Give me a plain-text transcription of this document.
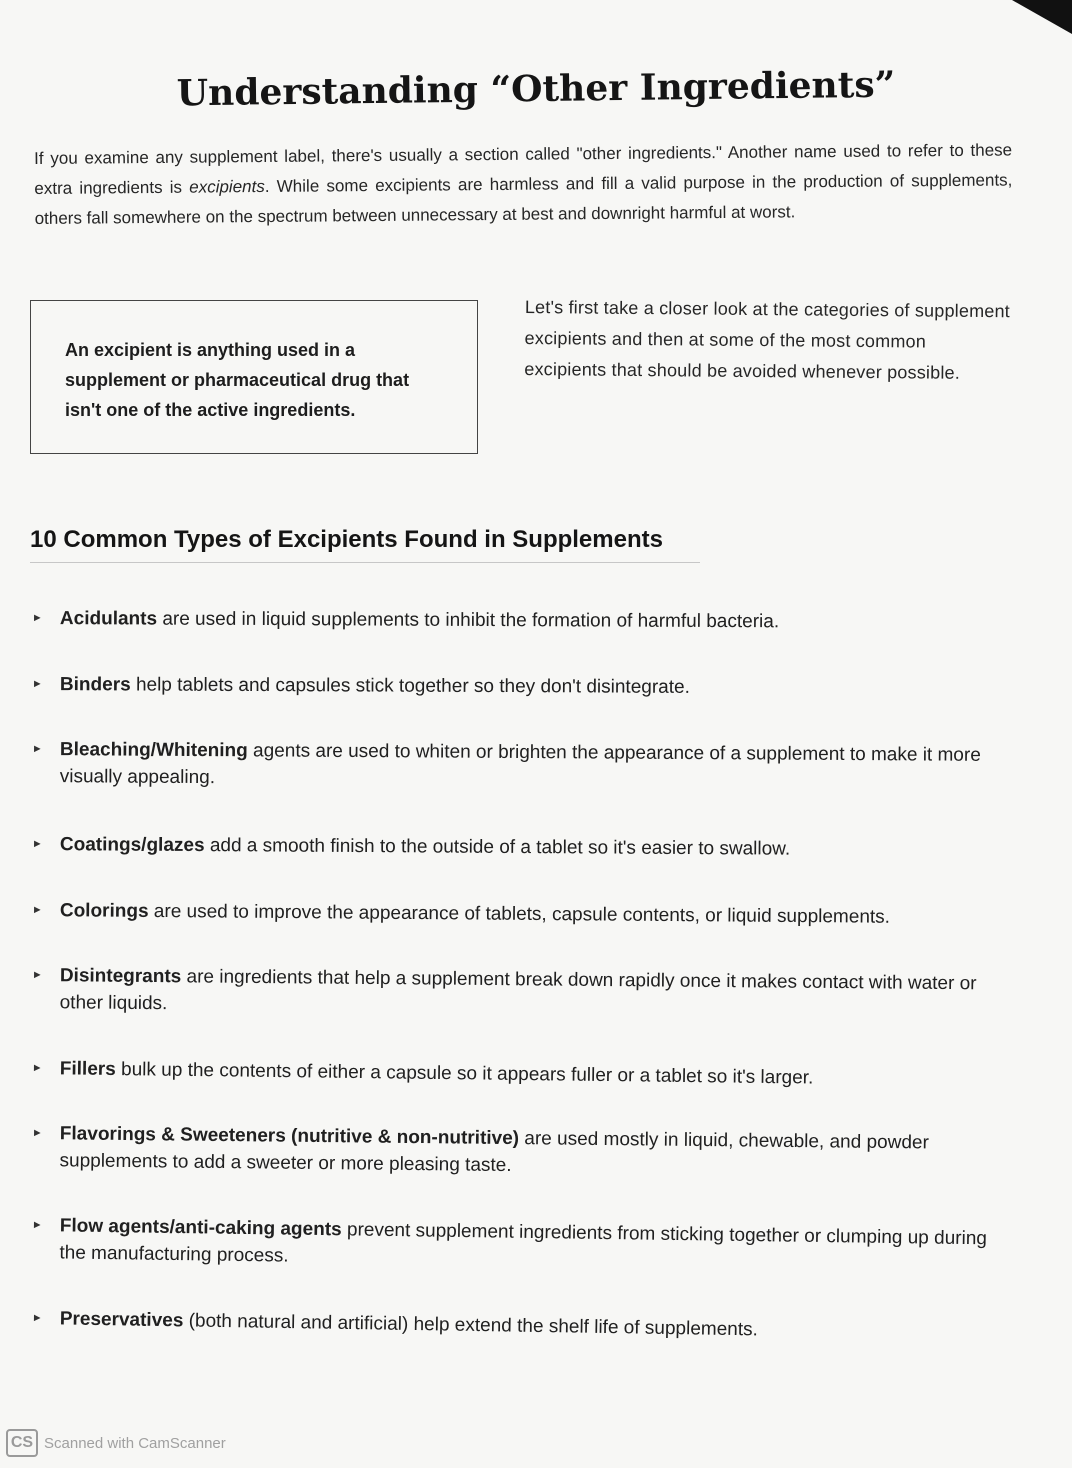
Understanding “Other Ingredients”

If you examine any supplement label, there's usually a section called "other ingredients." Another name used to refer to these extra ingredients is excipients. While some excipients are harmless and fill a valid purpose in the production of supplements, others fall somewhere on the spectrum between unnecessary at best and downright harmful at worst.

An excipient is anything used in a supplement or pharmaceutical drug that isn't one of the active ingredients.

Let's first take a closer look at the categories of supplement excipients and then at some of the most common excipients that should be avoided whenever possible.

10 Common Types of Excipients Found in Supplements
► Acidulants are used in liquid supplements to inhibit the formation of harmful bacteria.
► Binders help tablets and capsules stick together so they don't disintegrate.
► Bleaching/Whitening agents are used to whiten or brighten the appearance of a supplement to make it more visually appealing.
► Coatings/glazes add a smooth finish to the outside of a tablet so it's easier to swallow.
► Colorings are used to improve the appearance of tablets, capsule contents, or liquid supplements.
► Disintegrants are ingredients that help a supplement break down rapidly once it makes contact with water or other liquids.
► Fillers bulk up the contents of either a capsule so it appears fuller or a tablet so it's larger.
► Flavorings & Sweeteners (nutritive & non-nutritive) are used mostly in liquid, chewable, and powder supplements to add a sweeter or more pleasing taste.
► Flow agents/anti-caking agents prevent supplement ingredients from sticking together or clumping up during the manufacturing process.
► Preservatives (both natural and artificial) help extend the shelf life of supplements.
CS Scanned with CamScanner
